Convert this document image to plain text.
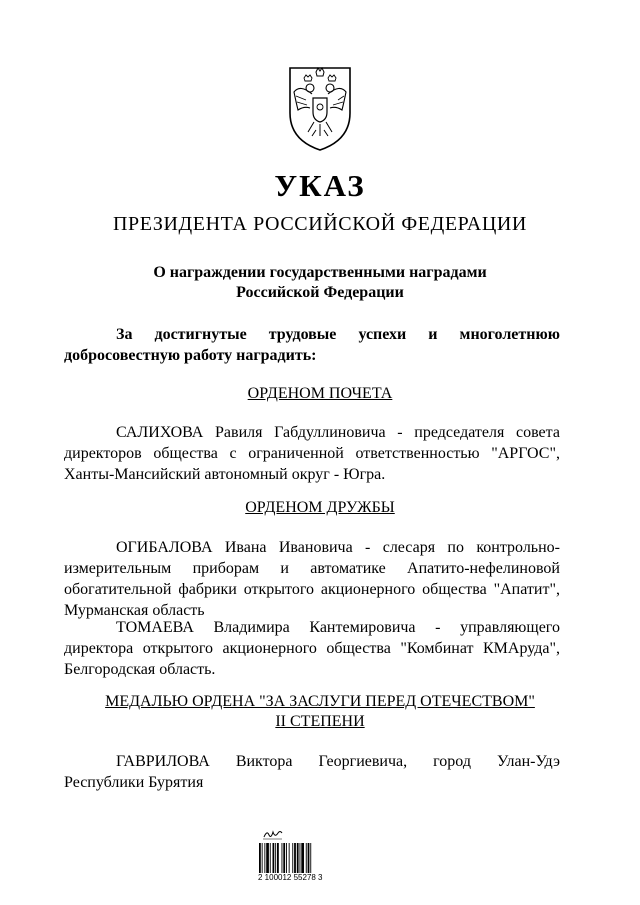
УКАЗ
ПРЕЗИДЕНТА РОССИЙСКОЙ ФЕДЕРАЦИИ
О награждении государственными наградами
Российской Федерации
За достигнутые трудовые успехи и многолетнюю
добросовестную работу наградить:
ОРДЕНОМ ПОЧЕТА
САЛИХОВА Равиля Габдуллиновича - председателя совета
директоров общества с ограниченной ответственностью "АРГОС",
Ханты-Мансийский автономный округ - Югра.
ОРДЕНОМ ДРУЖБЫ
ОГИБАЛОВА Ивана Ивановича - слесаря по контрольно-
измерительным приборам и автоматике Апатито-нефелиновой
обогатительной фабрики открытого акционерного общества "Апатит",
Мурманская область
ТОМАЕВА Владимира Кантемировича - управляющего
директора открытого акционерного общества "Комбинат КМАруда",
Белгородская область.
МЕДАЛЬЮ ОРДЕНА "ЗА ЗАСЛУГИ ПЕРЕД ОТЕЧЕСТВОМ"
II СТЕПЕНИ
ГАВРИЛОВА Виктора Георгиевича, город Улан-Удэ
Республики Бурятия
2 100012 55278 3
